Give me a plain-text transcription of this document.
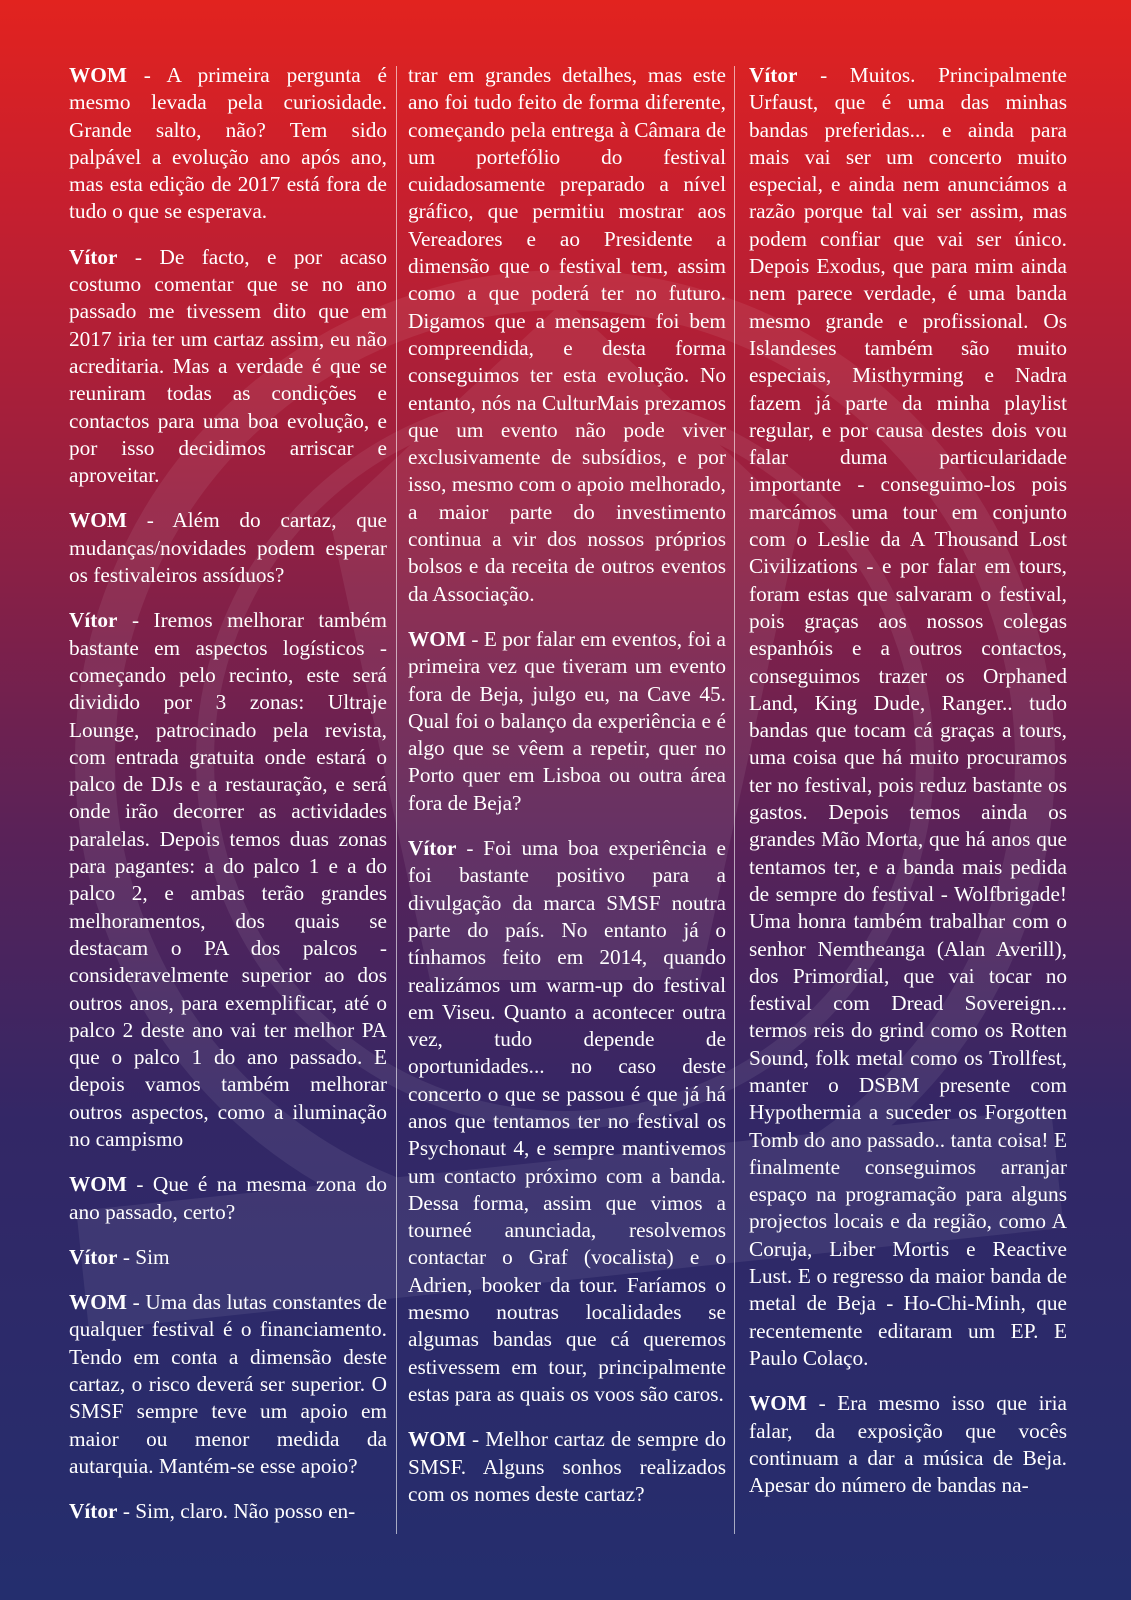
WOM - A primeira pergunta é mesmo levada pela curiosidade. Grande salto, não? Tem sido palpável a evolução ano após ano, mas esta edição de 2017 está fora de tudo o que se esperava.

Vítor - De facto, e por acaso costumo comentar que se no ano passado me tivessem dito que em 2017 iria ter um cartaz assim, eu não acreditaria. Mas a verdade é que se reuniram todas as condições e contactos para uma boa evolução, e por isso decidimos arriscar e aproveitar.

WOM - Além do cartaz, que mudanças/novidades podem esperar os festivaleiros assíduos?

Vítor - Iremos melhorar também bastante em aspectos logísticos - começando pelo recinto, este será dividido por 3 zonas: Ultraje Lounge, patrocinado pela revista, com entrada gratuita onde estará o palco de DJs e a restauração, e será onde irão decorrer as actividades paralelas. Depois temos duas zonas para pagantes: a do palco 1 e a do palco 2, e ambas terão grandes melhoramentos, dos quais se destacam o PA dos palcos - consideravelmente superior ao dos outros anos, para exemplificar, até o palco 2 deste ano vai ter melhor PA que o palco 1 do ano passado. E depois vamos também melhorar outros aspectos, como a iluminação no campismo

WOM - Que é na mesma zona do ano passado, certo?

Vítor - Sim

WOM - Uma das lutas constantes de qualquer festival é o financiamento. Tendo em conta a dimensão deste cartaz, o risco deverá ser superior. O SMSF sempre teve um apoio em maior ou menor medida da autarquia. Mantém-se esse apoio?

Vítor - Sim, claro. Não posso en-

trar em grandes detalhes, mas este ano foi tudo feito de forma diferente, começando pela entrega à Câmara de um portefólio do festival cuidadosamente preparado a nível gráfico, que permitiu mostrar aos Vereadores e ao Presidente a dimensão que o festival tem, assim como a que poderá ter no futuro. Digamos que a mensagem foi bem compreendida, e desta forma conseguimos ter esta evolução. No entanto, nós na CulturMais prezamos que um evento não pode viver exclusivamente de subsídios, e por isso, mesmo com o apoio melhorado, a maior parte do investimento continua a vir dos nossos próprios bolsos e da receita de outros eventos da Associação.

WOM - E por falar em eventos, foi a primeira vez que tiveram um evento fora de Beja, julgo eu, na Cave 45. Qual foi o balanço da experiência e é algo que se vêem a repetir, quer no Porto quer em Lisboa ou outra área fora de Beja?

Vítor - Foi uma boa experiência e foi bastante positivo para a divulgação da marca SMSF noutra parte do país. No entanto já o tínhamos feito em 2014, quando realizámos um warm-up do festival em Viseu. Quanto a acontecer outra vez, tudo depende de oportunidades... no caso deste concerto o que se passou é que já há anos que tentamos ter no festival os Psychonaut 4, e sempre mantivemos um contacto próximo com a banda. Dessa forma, assim que vimos a tourneé anunciada, resolvemos contactar o Graf (vocalista) e o Adrien, booker da tour. Faríamos o mesmo noutras localidades se algumas bandas que cá queremos estivessem em tour, principalmente estas para as quais os voos são caros.

WOM - Melhor cartaz de sempre do SMSF. Alguns sonhos realizados com os nomes deste cartaz?

Vítor - Muitos. Principalmente Urfaust, que é uma das minhas bandas preferidas... e ainda para mais vai ser um concerto muito especial, e ainda nem anunciámos a razão porque tal vai ser assim, mas podem confiar que vai ser único. Depois Exodus, que para mim ainda nem parece verdade, é uma banda mesmo grande e profissional. Os Islandeses também são muito especiais, Misthyrming e Nadra fazem já parte da minha playlist regular, e por causa destes dois vou falar duma particularidade importante - conseguimo-los pois marcámos uma tour em conjunto com o Leslie da A Thousand Lost Civilizations - e por falar em tours, foram estas que salvaram o festival, pois graças aos nossos colegas espanhóis e a outros contactos, conseguimos trazer os Orphaned Land, King Dude, Ranger.. tudo bandas que tocam cá graças a tours, uma coisa que há muito procuramos ter no festival, pois reduz bastante os gastos. Depois temos ainda os grandes Mão Morta, que há anos que tentamos ter, e a banda mais pedida de sempre do festival - Wolfbrigade! Uma honra também trabalhar com o senhor Nemtheanga (Alan Averill), dos Primordial, que vai tocar no festival com Dread Sovereign... termos reis do grind como os Rotten Sound, folk metal como os Trollfest, manter o DSBM presente com Hypothermia a suceder os Forgotten Tomb do ano passado.. tanta coisa! E finalmente conseguimos arranjar espaço na programação para alguns projectos locais e da região, como A Coruja, Liber Mortis e Reactive Lust. E o regresso da maior banda de metal de Beja - Ho-Chi-Minh, que recentemente editaram um EP. E Paulo Colaço.

WOM - Era mesmo isso que iria falar, da exposição que vocês continuam a dar a música de Beja. Apesar do número de bandas na-
